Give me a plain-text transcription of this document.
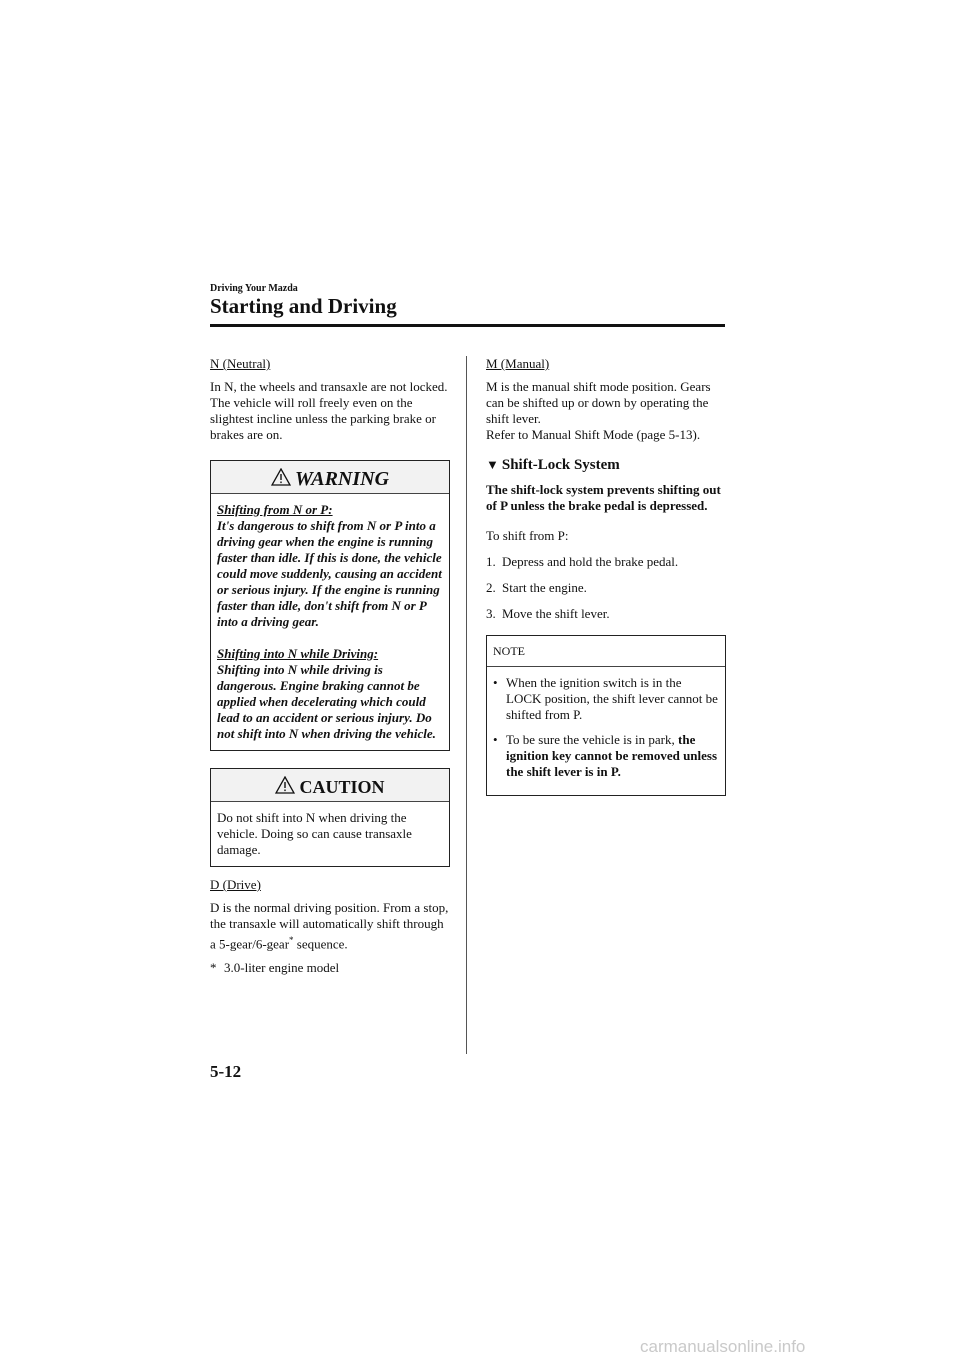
Driving Your Mazda
Starting and Driving
N (Neutral)

In N, the wheels and transaxle are not locked. The vehicle will roll freely even on the slightest incline unless the parking brake or brakes are on.

WARNING
Shifting from N or P:
It's dangerous to shift from N or P into a driving gear when the engine is running faster than idle. If this is done, the vehicle could move suddenly, causing an accident or serious injury. If the engine is running faster than idle, don't shift from N or P into a driving gear.
Shifting into N while Driving:
Shifting into N while driving is dangerous. Engine braking cannot be applied when decelerating which could lead to an accident or serious injury. Do not shift into N when driving the vehicle.
CAUTION
Do not shift into N when driving the vehicle. Doing so can cause transaxle damage.
D (Drive)

D is the normal driving position. From a stop, the transaxle will automatically shift through a 5-gear/6-gear* sequence.

* 3.0-liter engine model
M (Manual)
M is the manual shift mode position. Gears can be shifted up or down by operating the shift lever.
Refer to Manual Shift Mode (page 5-13).
▼ Shift-Lock System
The shift-lock system prevents shifting out of P unless the brake pedal is depressed.
To shift from P:
1. Depress and hold the brake pedal.
2. Start the engine.
3. Move the shift lever.
NOTE
• When the ignition switch is in the LOCK position, the shift lever cannot be shifted from P.
• To be sure the vehicle is in park, the ignition key cannot be removed unless the shift lever is in P.
5-12
carmanualsonline.info
